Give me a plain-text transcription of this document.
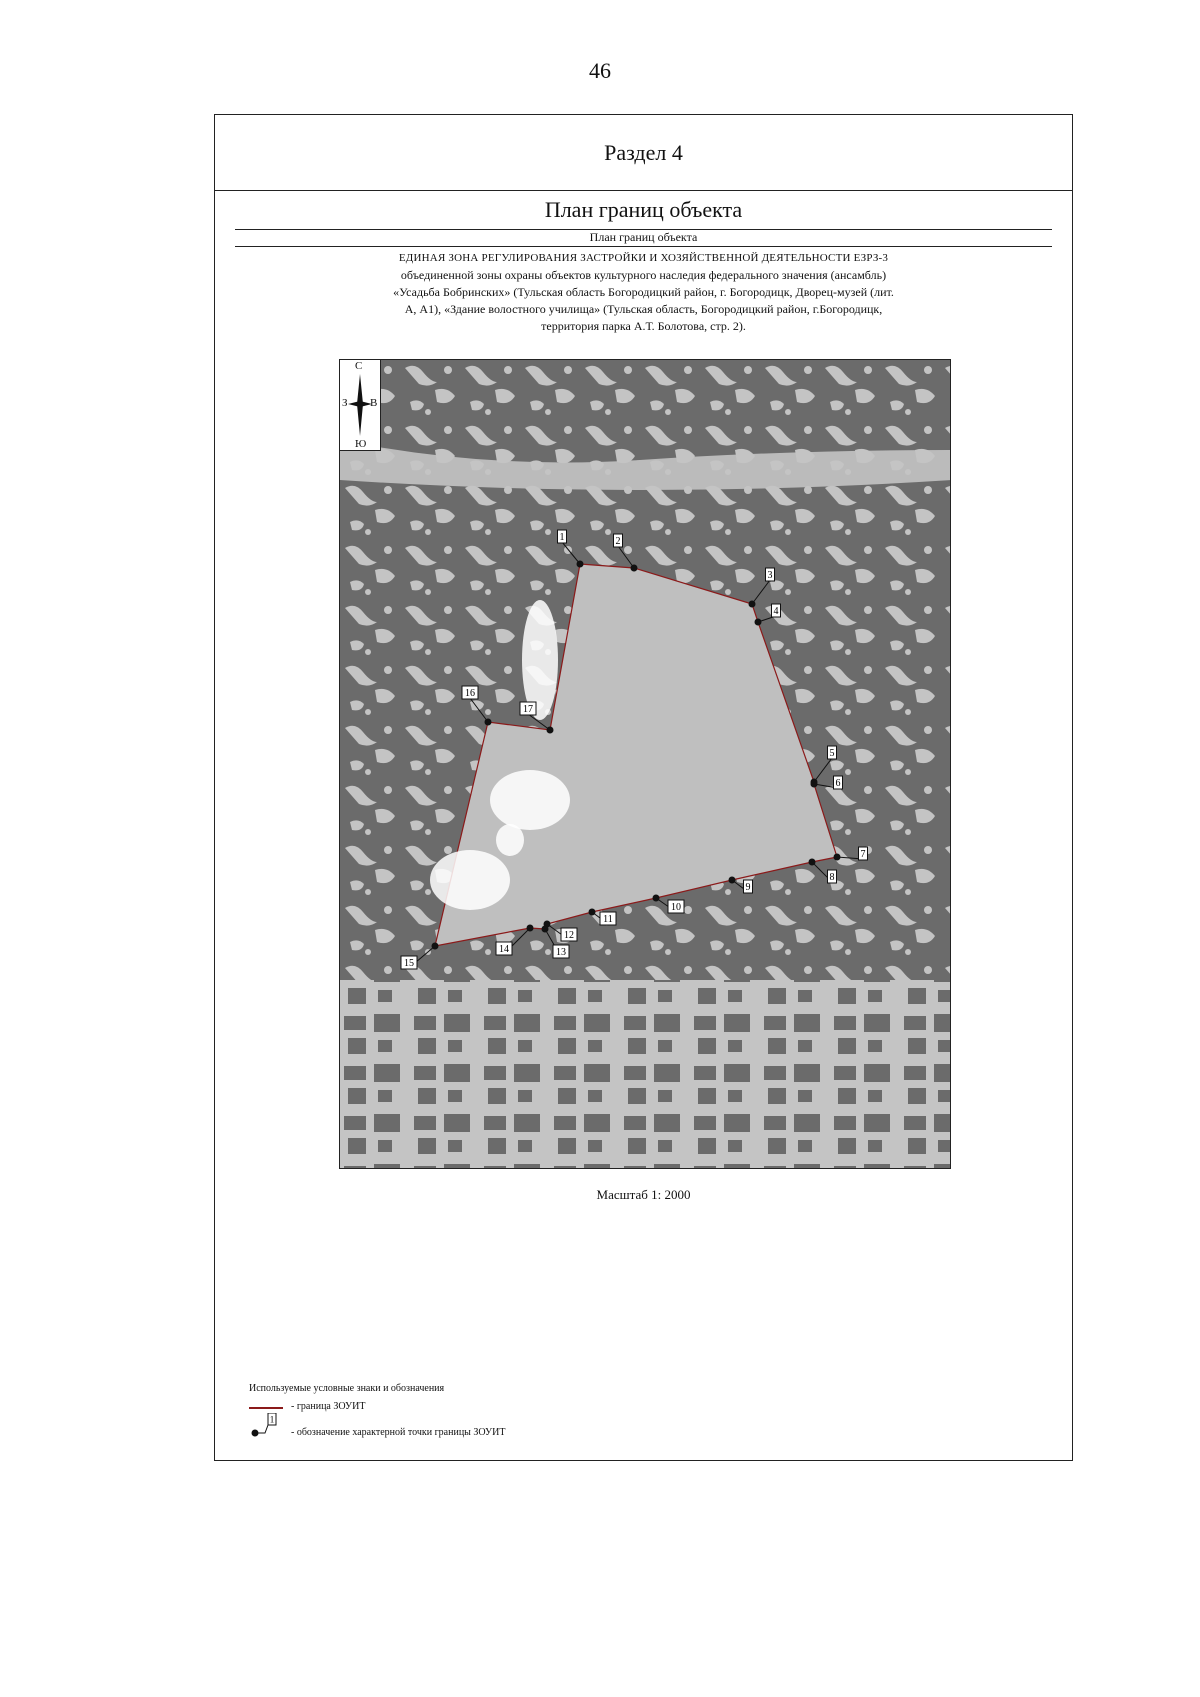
46
Раздел 4
План границ объекта
План границ объекта
ЕДИНАЯ ЗОНА РЕГУЛИРОВАНИЯ ЗАСТРОЙКИ И ХОЗЯЙСТВЕННОЙ ДЕЯТЕЛЬНОСТИ ЕЗРЗ-3
объединенной зоны охраны объектов культурного наследия федерального значения (ансамбль)
«Усадьба Бобринских» (Тульская область Богородицкий район, г. Богородицк, Дворец-музей (лит.
А, А1), «Здание волостного училища» (Тульская область, Богородицкий район, г.Богородицк,
территория парка А.Т. Болотова, стр. 2).
1	2
3
4
5
6
7
8
9
10
11
12
13
14
15
16
17
С
З В
Ю
Масштаб 1: 2000
Используемые условные знаки и обозначения
- граница ЗОУИТ
1
- обозначение характерной точки границы ЗОУИТ
